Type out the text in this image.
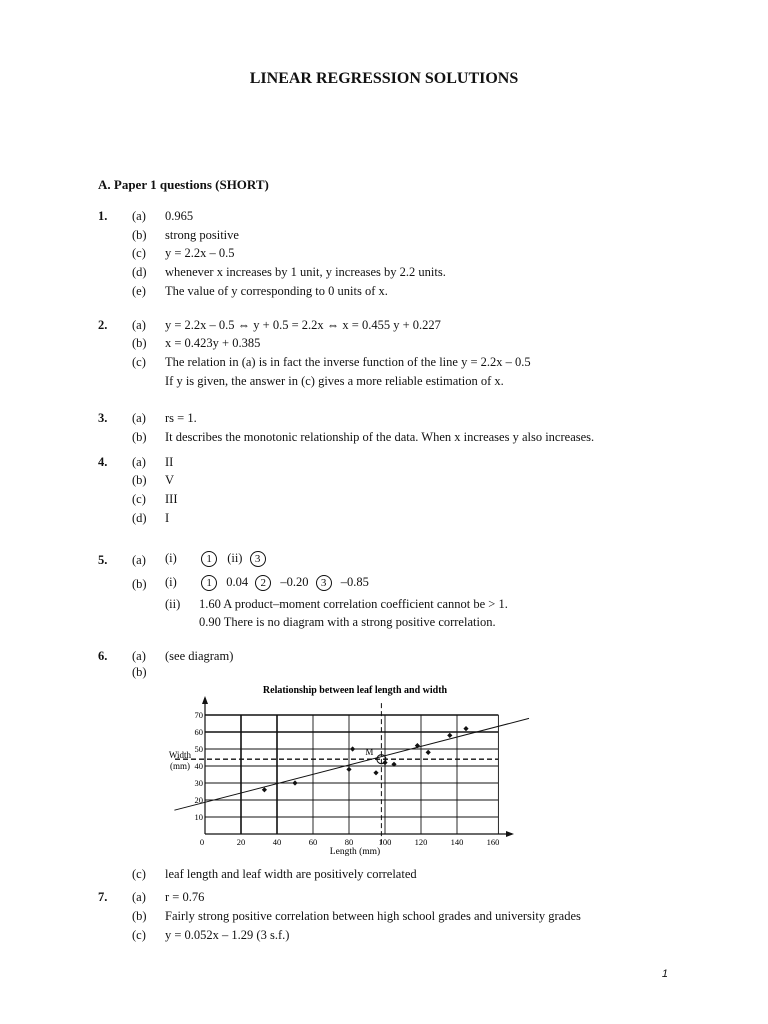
LINEAR REGRESSION SOLUTIONS
A. Paper 1 questions (SHORT)
1. (a) 0.965
(b) strong positive
(c) y = 2.2x – 0.5
(d) whenever x increases by 1 unit, y increases by 2.2 units.
(e) The value of y corresponding to 0 units of x.
2. (a) y = 2.2x – 0.5 ⇔ y + 0.5 = 2.2x ⇔ x = 0.455 y + 0.227
(b) x = 0.423y + 0.385
(c) The relation in (a) is in fact the inverse function of the line y = 2.2x – 0.5
If y is given, the answer in (c) gives a more reliable estimation of x.
3. (a) rs = 1.
(b) It describes the monotonic relationship of the data. When x increases y also increases.
4. (a) II
(b) V
(c) III
(d) I
5. (a) (i)	1 (ii) 3
(b) (i)	1 0.04 2 –0.20 3 –0.85
(ii) 1.60 A product–moment correlation coefficient cannot be > 1.
0.90 There is no diagram with a strong positive correlation.
6. (a) (see diagram)
(b)
Relationship between leaf length and width
10
20
30
40
50
60
70
0	20	40	60	80	100	120	140	160
M
Width (mm)
Length (mm)
(c) leaf length and leaf width are positively correlated
7. (a) r = 0.76
(b) Fairly strong positive correlation between high school grades and university grades
(c) y = 0.052x – 1.29 (3 s.f.)
1
